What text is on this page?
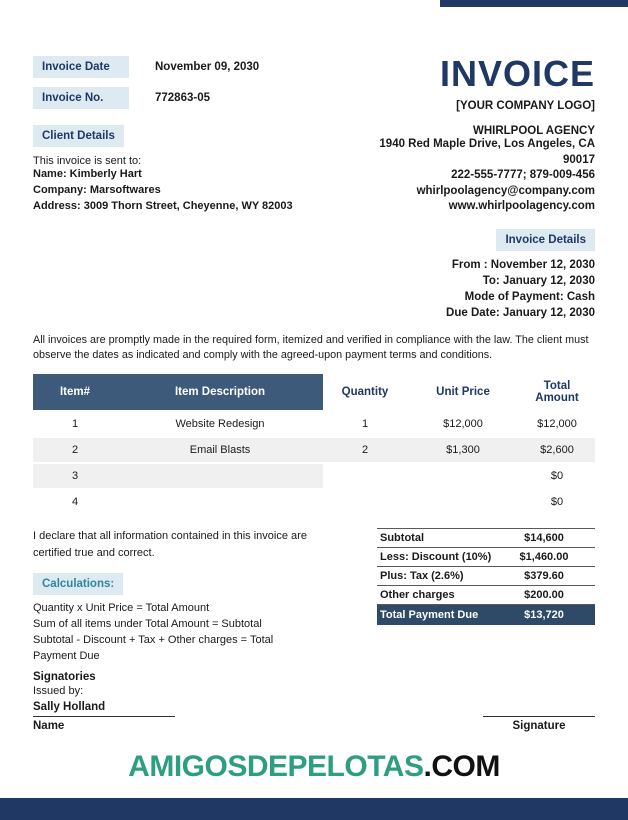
Invoice Date	November 09, 2030
Invoice No.	772863-05
Client Details
This invoice is sent to:
Name: Kimberly Hart
Company: Marsoftwares
Address: 3009 Thorn Street, Cheyenne, WY 82003
INVOICE
[YOUR COMPANY LOGO]
WHIRLPOOL AGENCY
1940 Red Maple Drive, Los Angeles, CA
90017
222-555-7777; 879-009-456
whirlpoolagency@company.com
www.whirlpoolagency.com
Invoice Details
From : November 12, 2030
To: January 12, 2030
Mode of Payment: Cash
Due Date: January 12, 2030

All invoices are promptly made in the required form, itemized and verified in compliance with the law. The client must observe the dates as indicated and comply with the agreed-upon payment terms and conditions.

Item#	Item Description	Quantity	Unit Price	Total Amount
1	Website Redesign	1	$12,000	$12,000
2	Email Blasts	2	$1,300	$2,600
3				$0
4				$0

I declare that all information contained in this invoice are certified true and correct.

Calculations:
Quantity x Unit Price = Total Amount
Sum of all items under Total Amount = Subtotal
Subtotal - Discount + Tax + Other charges = Total Payment Due
Signatories
Issued by:
Sally Holland
Name
Subtotal	$14,600
Less: Discount (10%)	$1,460.00
Plus: Tax (2.6%)	$379.60
Other charges	$200.00
Total Payment Due	$13,720
Signature
AMIGOSDEPELOTAS.COM
